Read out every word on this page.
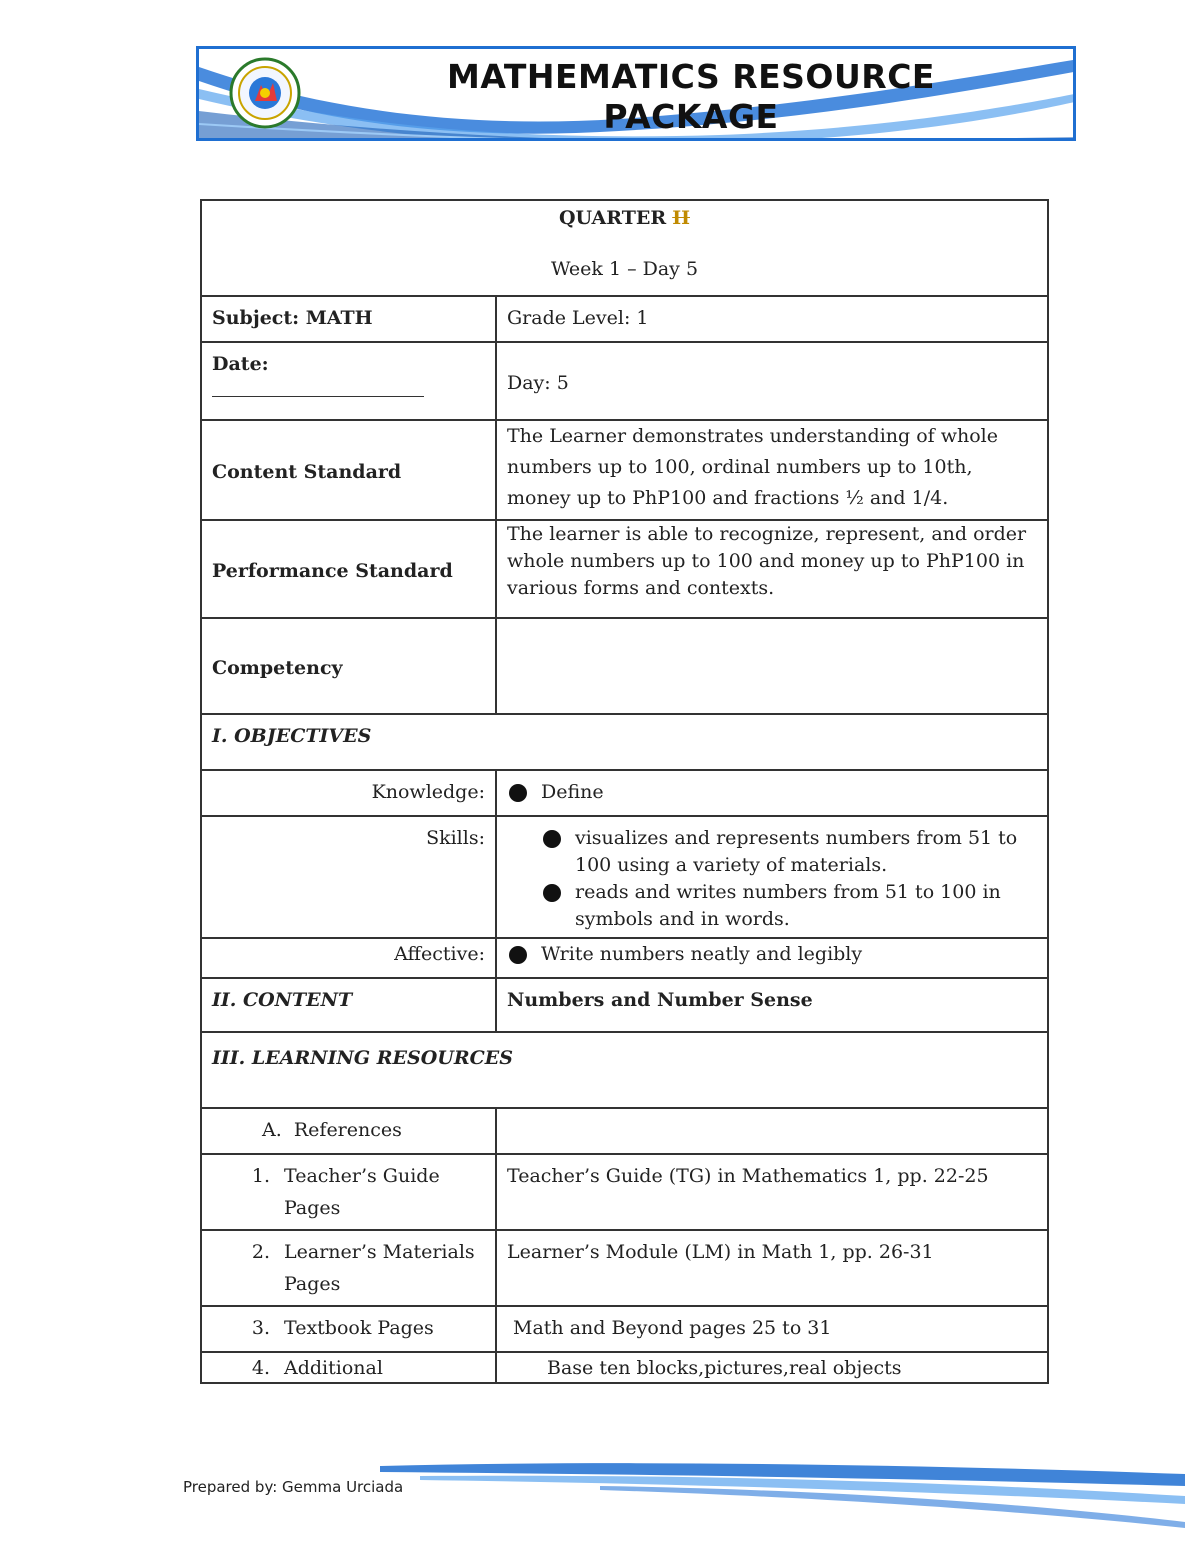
MATHEMATICS RESOURCE
PACKAGE
QUARTER II
Week 1 – Day 5	

Subject: MATH	Grade Level: 1

Date:	Day: 5
Content Standard	The Learner demonstrates understanding of whole numbers up to 100, ordinal numbers up to 10th, money up to PhP100 and fractions ½ and 1/4.
Performance Standard	The learner is able to recognize, represent, and order whole numbers up to 100 and money up to PhP100 in various forms and contexts.
Competency	
I. OBJECTIVES	
Knowledge:	Define

Skills:	visualizes and represents numbers from 51 to 100 using a variety of materials.
reads and writes numbers from 51 to 100 in symbols and in words.

Affective:	Write numbers neatly and legibly

II. CONTENT	Numbers and Number Sense
III. LEARNING RESOURCES	
A. References	

1. Teacher’s Guide Pages	Teacher’s Guide (TG) in Mathematics 1, pp. 22-25

2. Learner’s Materials Pages	Learner’s Module (LM) in Math 1, pp. 26-31

3. Textbook Pages	Math and Beyond pages 25 to 31

4. Additional	Base ten blocks,pictures,real objects
Prepared by: Gemma Urciada
